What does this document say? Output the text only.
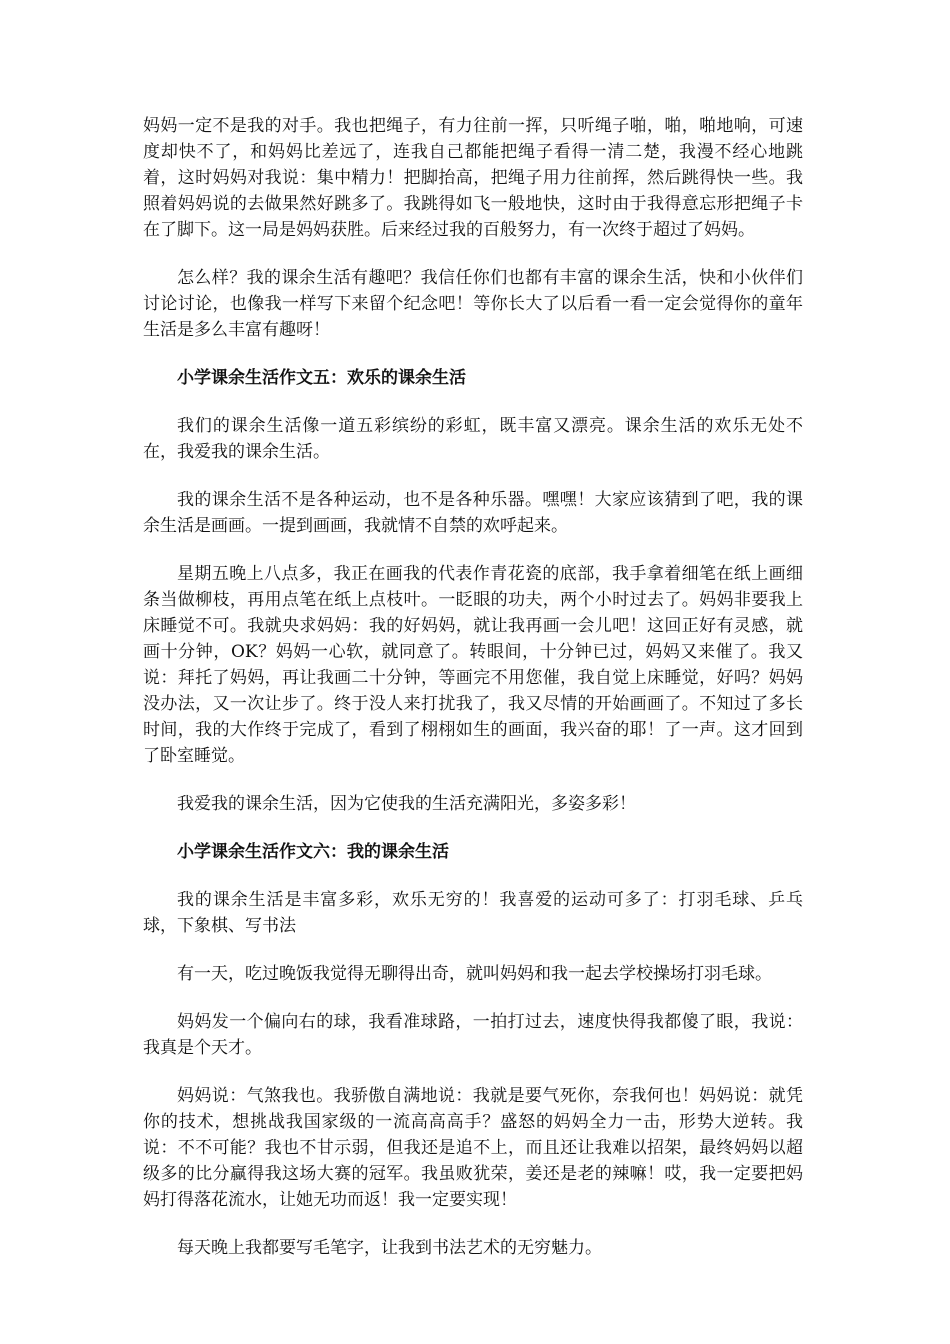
妈妈一定不是我的对手。我也把绳子，有力往前一挥，只听绳子啪，啪，啪地响，可速度却快不了，和妈妈比差远了，连我自己都能把绳子看得一清二楚，我漫不经心地跳着，这时妈妈对我说：集中精力！把脚抬高，把绳子用力往前挥，然后跳得快一些。我照着妈妈说的去做果然好跳多了。我跳得如飞一般地快，这时由于我得意忘形把绳子卡在了脚下。这一局是妈妈获胜。后来经过我的百般努力，有一次终于超过了妈妈。

怎么样？我的课余生活有趣吧？我信任你们也都有丰富的课余生活，快和小伙伴们讨论讨论，也像我一样写下来留个纪念吧！等你长大了以后看一看一定会觉得你的童年生活是多么丰富有趣呀！

小学课余生活作文五：欢乐的课余生活

我们的课余生活像一道五彩缤纷的彩虹，既丰富又漂亮。课余生活的欢乐无处不在，我爱我的课余生活。

我的课余生活不是各种运动，也不是各种乐器。嘿嘿！大家应该猜到了吧，我的课余生活是画画。一提到画画，我就情不自禁的欢呼起来。

星期五晚上八点多，我正在画我的代表作青花瓷的底部，我手拿着细笔在纸上画细条当做柳枝，再用点笔在纸上点枝叶。一眨眼的功夫，两个小时过去了。妈妈非要我上床睡觉不可。我就央求妈妈：我的好妈妈，就让我再画一会儿吧！这回正好有灵感，就画十分钟，OK？妈妈一心软，就同意了。转眼间，十分钟已过，妈妈又来催了。我又说：拜托了妈妈，再让我画二十分钟，等画完不用您催，我自觉上床睡觉，好吗？妈妈没办法，又一次让步了。终于没人来打扰我了，我又尽情的开始画画了。不知过了多长时间，我的大作终于完成了，看到了栩栩如生的画面，我兴奋的耶！了一声。这才回到了卧室睡觉。

我爱我的课余生活，因为它使我的生活充满阳光，多姿多彩！

小学课余生活作文六：我的课余生活

我的课余生活是丰富多彩，欢乐无穷的！我喜爱的运动可多了：打羽毛球、乒乓球，下象棋、写书法

有一天，吃过晚饭我觉得无聊得出奇，就叫妈妈和我一起去学校操场打羽毛球。

妈妈发一个偏向右的球，我看准球路，一拍打过去，速度快得我都傻了眼，我说：我真是个天才。

妈妈说：气煞我也。我骄傲自满地说：我就是要气死你，奈我何也！妈妈说：就凭你的技术，想挑战我国家级的一流高高高手？盛怒的妈妈全力一击，形势大逆转。我说：不不可能？我也不甘示弱，但我还是追不上，而且还让我难以招架，最终妈妈以超级多的比分赢得我这场大赛的冠军。我虽败犹荣，姜还是老的辣嘛！哎，我一定要把妈妈打得落花流水，让她无功而返！我一定要实现！

每天晚上我都要写毛笔字，让我到书法艺术的无穷魅力。
